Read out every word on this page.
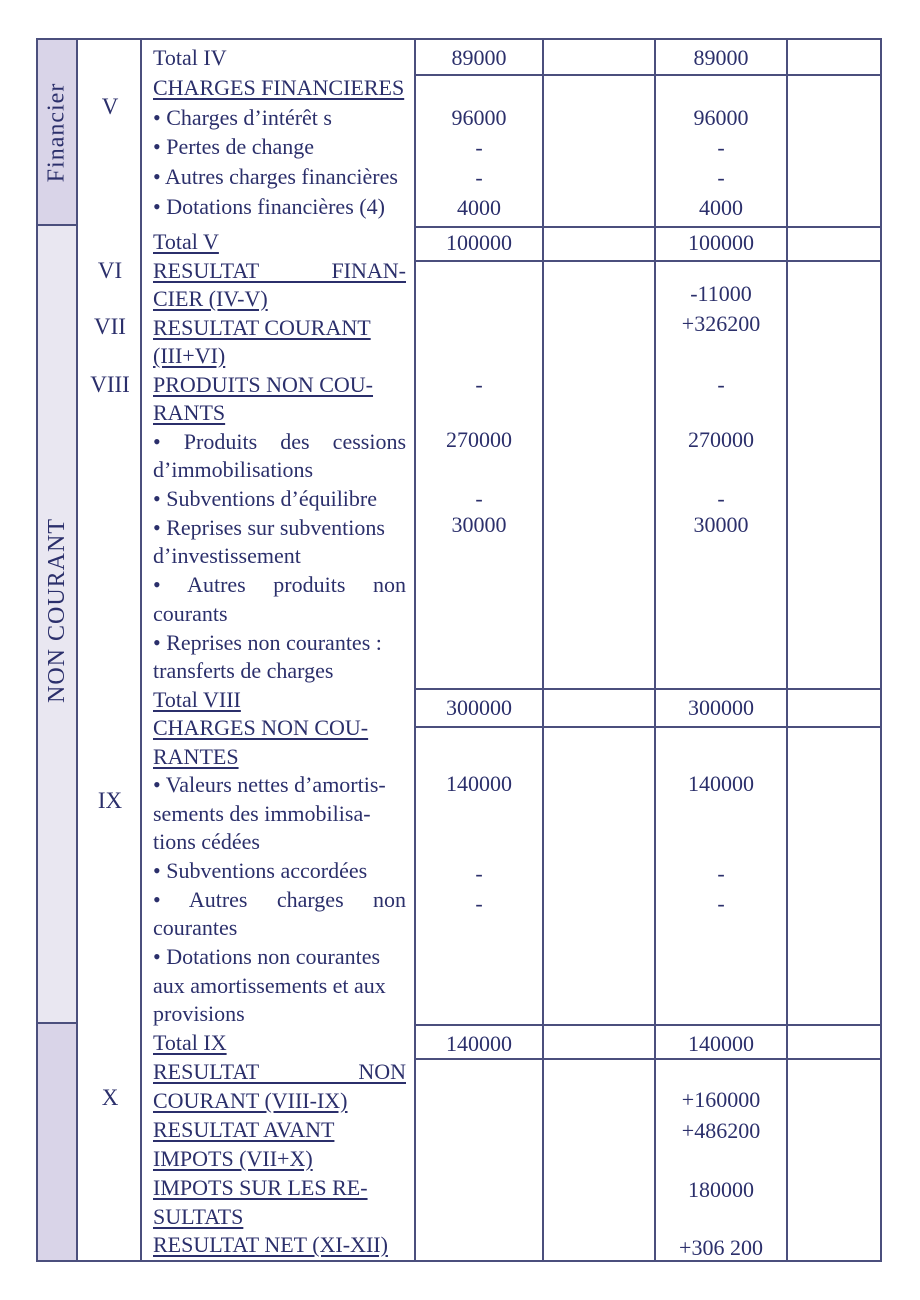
Financier
NON COURANT
V
VI
VII
VIII
IX
X
Total IV
CHARGES FINANCIERES
• Charges d’intérêt s
• Pertes de change
• Autres charges financières
• Dotations financières (4)
Total V
RESULTAT FINAN-
CIER (IV-V)
RESULTAT COURANT
(III+VI)
PRODUITS NON COU-
RANTS
• Produits des cessions
d’immobilisations
• Subventions d’équilibre
• Reprises sur subventions
d’investissement
• Autres produits non
courants
• Reprises non courantes :
transferts de charges
Total VIII
CHARGES NON COU-
RANTES
• Valeurs nettes d’amortis-
sements des immobilisa-
tions cédées
• Subventions accordées
• Autres charges non
courantes
• Dotations non courantes
aux amortissements et aux
provisions
Total IX
RESULTAT NON
COURANT (VIII-IX)
RESULTAT AVANT
IMPOTS (VII+X)
IMPOTS SUR LES RE-
SULTATS
RESULTAT NET (XI-XII)
89000
96000
-
-
4000
100000
-
270000
-
30000
300000
140000
-
-
140000
89000
96000
-
-
4000
100000
-11000
+326200
-
270000
-
30000
300000
140000
-
-
140000
+160000
+486200
180000
+306 200
